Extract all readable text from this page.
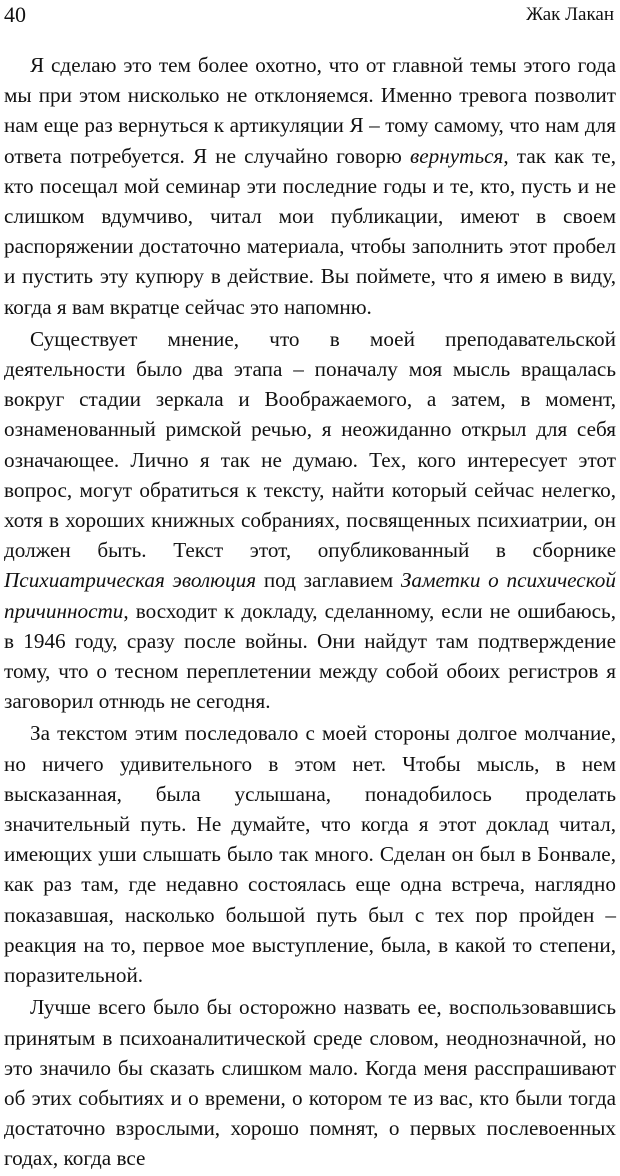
40	Жак Лакан

Я сделаю это тем более охотно, что от главной темы этого года мы при этом нисколько не отклоняемся. Именно тревога позволит нам еще раз вернуться к артикуляции Я – тому самому, что нам для ответа потребуется. Я не случайно говорю вернуться, так как те, кто посещал мой семинар эти последние годы и те, кто, пусть и не слишком вдумчиво, читал мои публикации, имеют в своем распоряжении достаточно материала, чтобы заполнить этот пробел и пустить эту купюру в действие. Вы поймете, что я имею в виду, когда я вам вкратце сейчас это напомню.

Существует мнение, что в моей преподавательской деятельности было два этапа – поначалу моя мысль вращалась вокруг стадии зеркала и Воображаемого, а затем, в момент, ознаменованный римской речью, я неожиданно открыл для себя означающее. Лично я так не думаю. Тех, кого интересует этот вопрос, могут обратиться к тексту, найти который сейчас нелегко, хотя в хороших книжных собраниях, посвященных психиатрии, он должен быть. Текст этот, опубликованный в сборнике Психиатрическая эволюция под заглавием Заметки о психической причинности, восходит к докладу, сделанному, если не ошибаюсь, в 1946 году, сразу после войны. Они найдут там подтверждение тому, что о тесном переплетении между собой обоих регистров я заговорил отнюдь не сегодня.

За текстом этим последовало с моей стороны долгое молчание, но ничего удивительного в этом нет. Чтобы мысль, в нем высказанная, была услышана, понадобилось проделать значительный путь. Не думайте, что когда я этот доклад читал, имеющих уши слышать было так много. Сделан он был в Бонвале, как раз там, где недавно состоялась еще одна встреча, наглядно показавшая, насколько большой путь был с тех пор пройден – реакция на то, первое мое выступление, была, в какой то степени, поразительной.

Лучше всего было бы осторожно назвать ее, воспользовавшись принятым в психоаналитической среде словом, неоднозначной, но это значило бы сказать слишком мало. Когда меня расспрашивают об этих событиях и о времени, о котором те из вас, кто были тогда достаточно взрослыми, хорошо помнят, о первых послевоенных годах, когда все
